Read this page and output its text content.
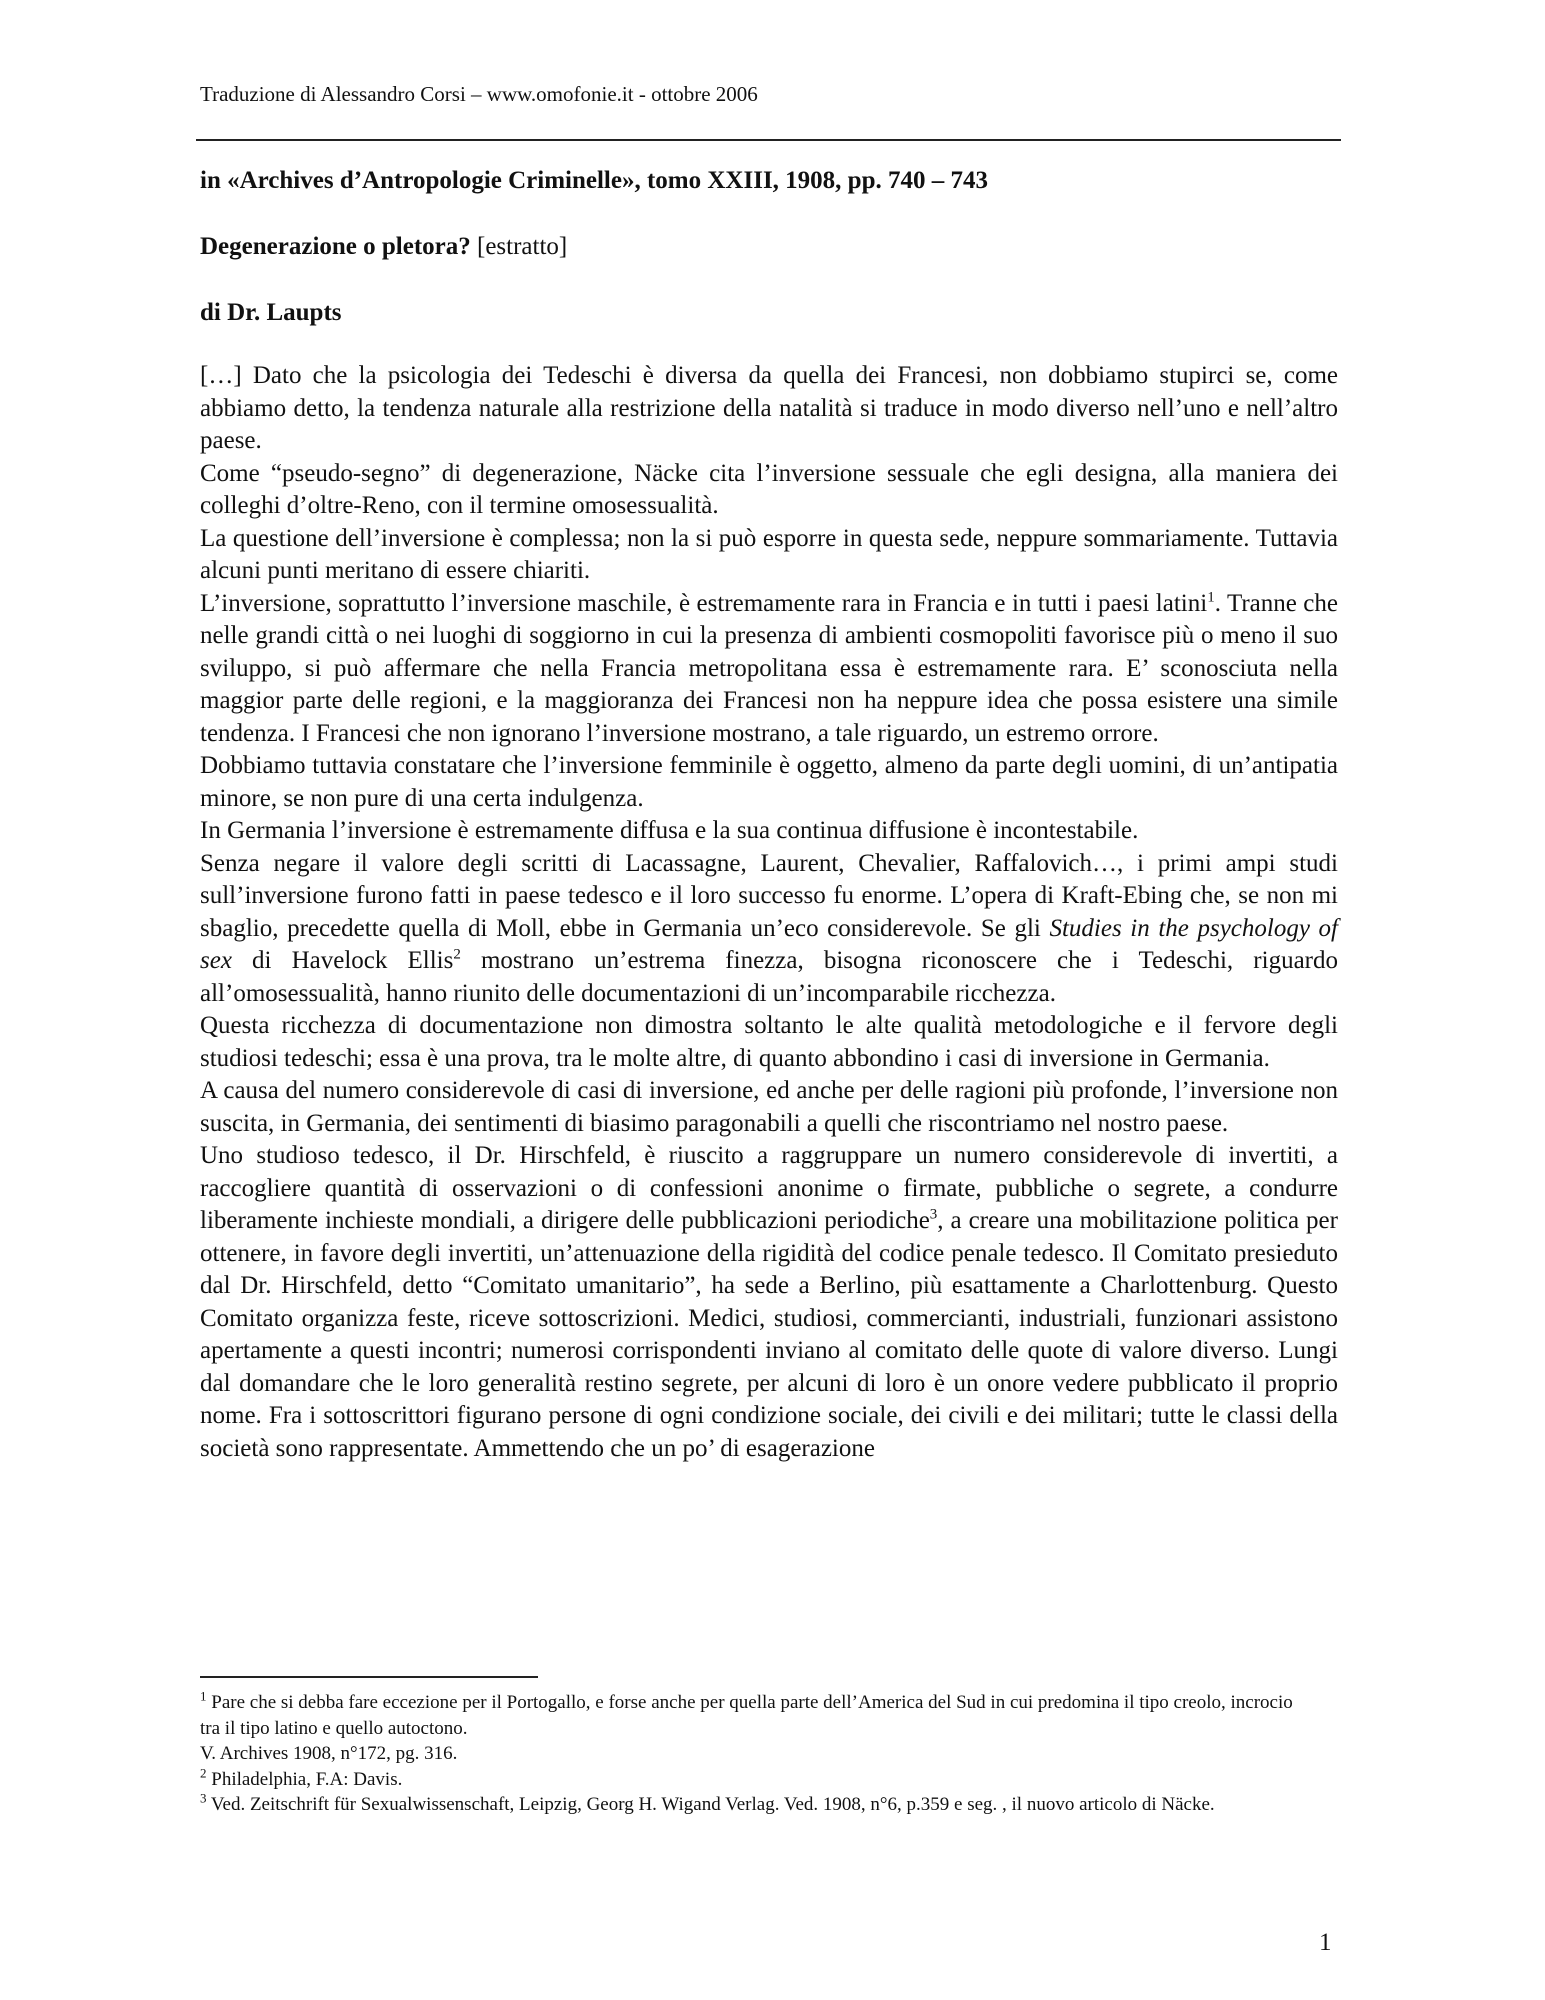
Traduzione di Alessandro Corsi – www.omofonie.it - ottobre 2006

in «Archives d’Antropologie Criminelle», tomo XXIII, 1908, pp. 740 – 743

Degenerazione o pletora? [estratto]

di Dr. Laupts

[…] Dato che la psicologia dei Tedeschi è diversa da quella dei Francesi, non dobbiamo stupirci se, come abbiamo detto, la tendenza naturale alla restrizione della natalità si traduce in modo diverso nell’uno e nell’altro paese.

Come “pseudo-segno” di degenerazione, Näcke cita l’inversione sessuale che egli designa, alla maniera dei colleghi d’oltre-Reno, con il termine omosessualità.

La questione dell’inversione è complessa; non la si può esporre in questa sede, neppure sommariamente. Tuttavia alcuni punti meritano di essere chiariti.

L’inversione, soprattutto l’inversione maschile, è estremamente rara in Francia e in tutti i paesi latini$^1$. Tranne che nelle grandi città o nei luoghi di soggiorno in cui la presenza di ambienti cosmopoliti favorisce più o meno il suo sviluppo, si può affermare che nella Francia metropolitana essa è estremamente rara. E’ sconosciuta nella maggior parte delle regioni, e la maggioranza dei Francesi non ha neppure idea che possa esistere una simile tendenza. I Francesi che non ignorano l’inversione mostrano, a tale riguardo, un estremo orrore.

Dobbiamo tuttavia constatare che l’inversione femminile è oggetto, almeno da parte degli uomini, di un’antipatia minore, se non pure di una certa indulgenza.

In Germania l’inversione è estremamente diffusa e la sua continua diffusione è incontestabile.

Senza negare il valore degli scritti di Lacassagne, Laurent, Chevalier, Raffalovich…, i primi ampi studi sull’inversione furono fatti in paese tedesco e il loro successo fu enorme. L’opera di Kraft-Ebing che, se non mi sbaglio, precedette quella di Moll, ebbe in Germania un’eco considerevole. Se gli Studies in the psychology of sex di Havelock Ellis$^2$ mostrano un’estrema finezza, bisogna riconoscere che i Tedeschi, riguardo all’omosessualità, hanno riunito delle documentazioni di un’incomparabile ricchezza.

Questa ricchezza di documentazione non dimostra soltanto le alte qualità metodologiche e il fervore degli studiosi tedeschi; essa è una prova, tra le molte altre, di quanto abbondino i casi di inversione in Germania.

A causa del numero considerevole di casi di inversione, ed anche per delle ragioni più profonde, l’inversione non suscita, in Germania, dei sentimenti di biasimo paragonabili a quelli che riscontriamo nel nostro paese.

Uno studioso tedesco, il Dr. Hirschfeld, è riuscito a raggruppare un numero considerevole di invertiti, a raccogliere quantità di osservazioni o di confessioni anonime o firmate, pubbliche o segrete, a condurre liberamente inchieste mondiali, a dirigere delle pubblicazioni periodiche$^3$, a creare una mobilitazione politica per ottenere, in favore degli invertiti, un’attenuazione della rigidità del codice penale tedesco. Il Comitato presieduto dal Dr. Hirschfeld, detto “Comitato umanitario”, ha sede a Berlino, più esattamente a Charlottenburg. Questo Comitato organizza feste, riceve sottoscrizioni. Medici, studiosi, commercianti, industriali, funzionari assistono apertamente a questi incontri; numerosi corrispondenti inviano al comitato delle quote di valore diverso. Lungi dal domandare che le loro generalità restino segrete, per alcuni di loro è un onore vedere pubblicato il proprio nome. Fra i sottoscrittori figurano persone di ogni condizione sociale, dei civili e dei militari; tutte le classi della società sono rappresentate. Ammettendo che un po’ di esagerazione

$^1$ Pare che si debba fare eccezione per il Portogallo, e forse anche per quella parte dell’America del Sud in cui predomina il tipo creolo, incrocio tra il tipo latino e quello autoctono.

V. Archives 1908, n°172, pg. 316.

$^2$ Philadelphia, F.A: Davis.

$^3$ Ved. Zeitschrift für Sexualwissenschaft, Leipzig, Georg H. Wigand Verlag. Ved. 1908, n°6, p.359 e seg. , il nuovo articolo di Näcke.

1
